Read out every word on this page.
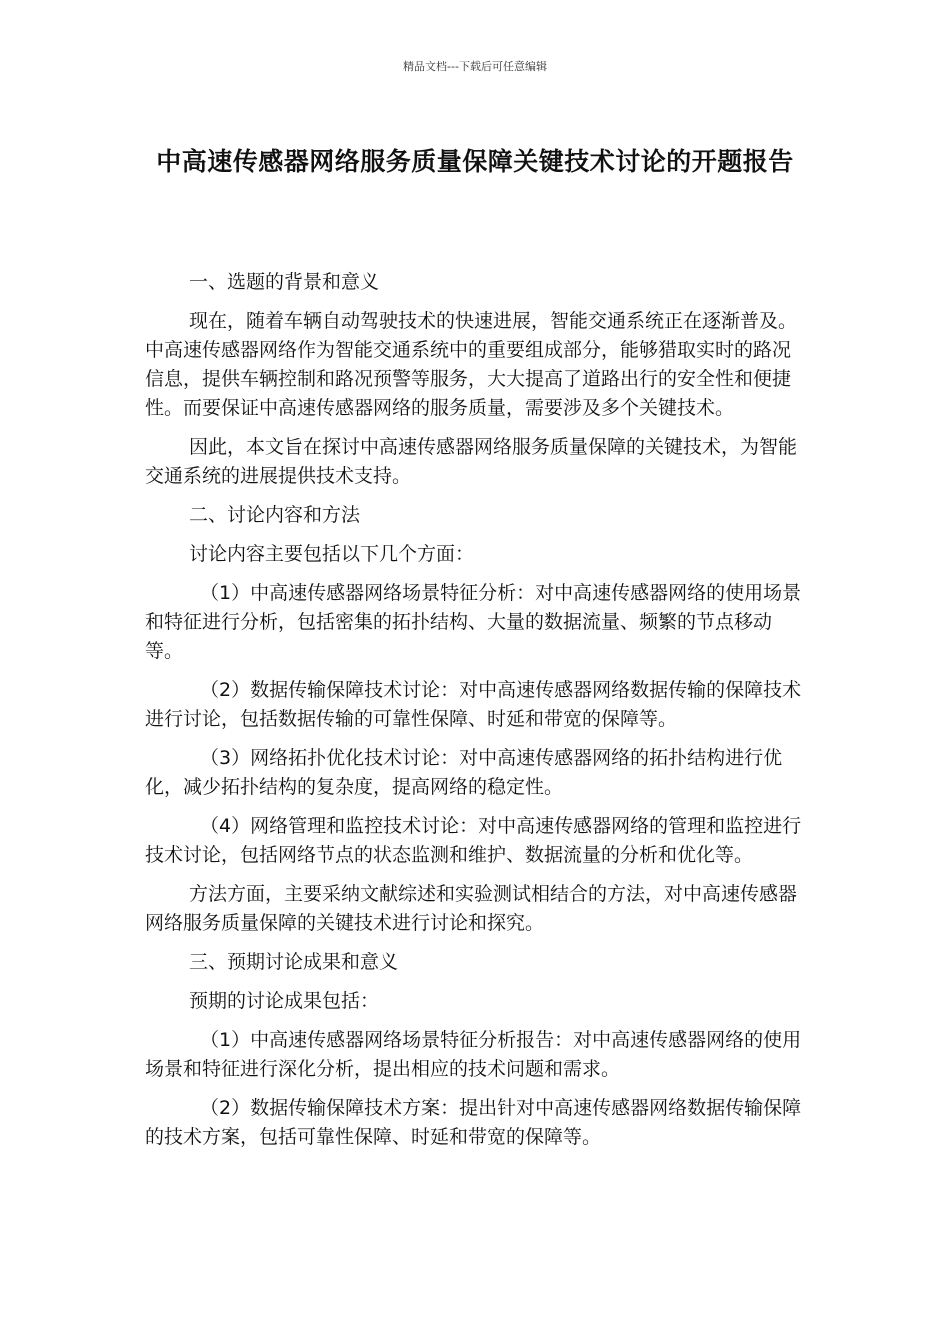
精品文档---下载后可任意编辑
中高速传感器网络服务质量保障关键技术讨论的开题报告

一、选题的背景和意义

现在，随着车辆自动驾驶技术的快速进展，智能交通系统正在逐渐普及。中高速传感器网络作为智能交通系统中的重要组成部分，能够猎取实时的路况信息，提供车辆控制和路况预警等服务，大大提高了道路出行的安全性和便捷性。而要保证中高速传感器网络的服务质量，需要涉及多个关键技术。

因此，本文旨在探讨中高速传感器网络服务质量保障的关键技术，为智能交通系统的进展提供技术支持。

二、讨论内容和方法

讨论内容主要包括以下几个方面：

（1）中高速传感器网络场景特征分析：对中高速传感器网络的使用场景和特征进行分析，包括密集的拓扑结构、大量的数据流量、频繁的节点移动等。

（2）数据传输保障技术讨论：对中高速传感器网络数据传输的保障技术进行讨论，包括数据传输的可靠性保障、时延和带宽的保障等。

（3）网络拓扑优化技术讨论：对中高速传感器网络的拓扑结构进行优化，减少拓扑结构的复杂度，提高网络的稳定性。

（4）网络管理和监控技术讨论：对中高速传感器网络的管理和监控进行技术讨论，包括网络节点的状态监测和维护、数据流量的分析和优化等。

方法方面，主要采纳文献综述和实验测试相结合的方法，对中高速传感器网络服务质量保障的关键技术进行讨论和探究。

三、预期讨论成果和意义

预期的讨论成果包括：

（1）中高速传感器网络场景特征分析报告：对中高速传感器网络的使用场景和特征进行深化分析，提出相应的技术问题和需求。

（2）数据传输保障技术方案：提出针对中高速传感器网络数据传输保障的技术方案，包括可靠性保障、时延和带宽的保障等。
